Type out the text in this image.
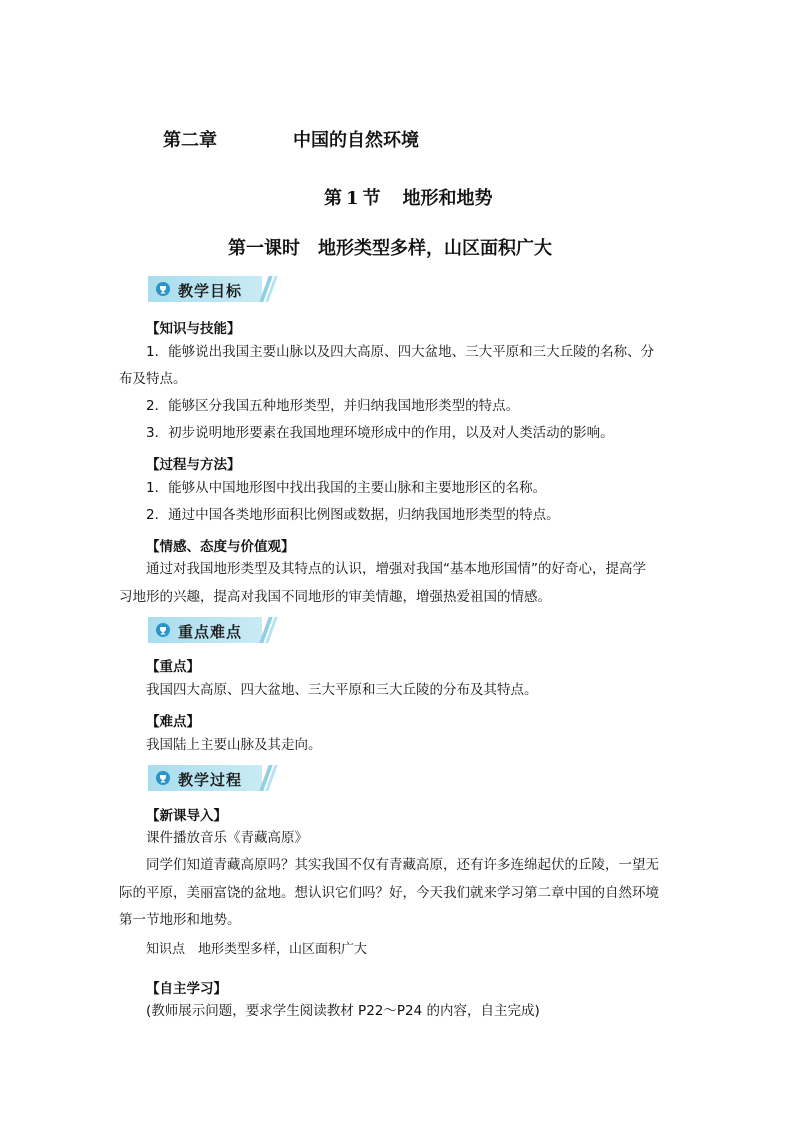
第二章	中国的自然环境
第 1 节 地形和地势
第一课时　地形类型多样，山区面积广大
教学目标
【知识与技能】
1．能够说出我国主要山脉以及四大高原、四大盆地、三大平原和三大丘陵的名称、分
布及特点。
2．能够区分我国五种地形类型，并归纳我国地形类型的特点。
3．初步说明地形要素在我国地理环境形成中的作用，以及对人类活动的影响。
【过程与方法】
1．能够从中国地形图中找出我国的主要山脉和主要地形区的名称。
2．通过中国各类地形面积比例图或数据，归纳我国地形类型的特点。
【情感、态度与价值观】
通过对我国地形类型及其特点的认识，增强对我国“基本地形国情”的好奇心，提高学
习地形的兴趣，提高对我国不同地形的审美情趣，增强热爱祖国的情感。
重点难点
【重点】
我国四大高原、四大盆地、三大平原和三大丘陵的分布及其特点。
【难点】
我国陆上主要山脉及其走向。
教学过程
【新课导入】
课件播放音乐《青藏高原》
同学们知道青藏高原吗？其实我国不仅有青藏高原，还有许多连绵起伏的丘陵，一望无
际的平原，美丽富饶的盆地。想认识它们吗？好，今天我们就来学习第二章中国的自然环境
第一节地形和地势。
知识点　地形类型多样，山区面积广大
【自主学习】
(教师展示问题，要求学生阅读教材 P22～P24 的内容，自主完成)
